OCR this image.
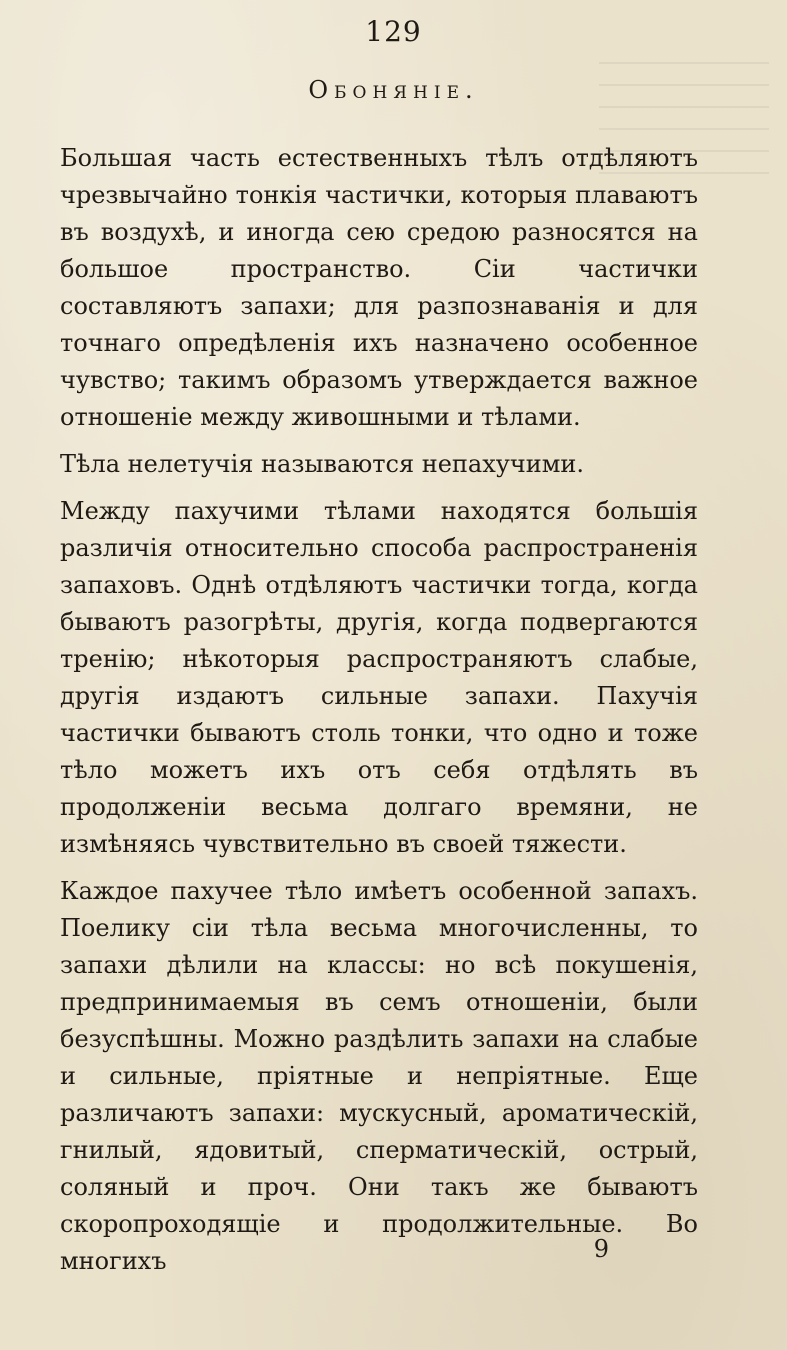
129
Обоняніе.

Большая часть естественныхъ тѣлъ отдѣляютъ чрезвычайно тонкія частички, которыя плаваютъ въ воздухѣ, и иногда сею средою разносятся на большое пространство. Сіи частички составляютъ запахи; для разпознаванія и для точнаго опредѣленія ихъ назначено особенное чувство; такимъ образомъ утверждается важное отношеніе между живошными и тѣлами.

Тѣла нелетучія называются непахучими.

Между пахучими тѣлами находятся большія различія относительно способа распространенія запаховъ. Однѣ отдѣляютъ частички тогда, когда бываютъ разогрѣты, другія, когда подвергаются тренію; нѣкоторыя распространяютъ слабые, другія издаютъ сильные запахи. Пахучія частички бываютъ столь тонки, что одно и тоже тѣло можетъ ихъ отъ себя отдѣлять въ продолженіи весьма долгаго времяни, не измѣняясь чувствительно въ своей тяжести.

Каждое пахучее тѣло имѣетъ особенной запахъ. Поелику сіи тѣла весьма многочисленны, то запахи дѣлили на классы: но всѣ покушенія, предпринимаемыя въ семъ отношеніи, были безуспѣшны. Можно раздѣлить запахи на слабые и сильные, пріятные и непріятные. Еще различаютъ запахи: мускусный, ароматическій, гнилый, ядовитый, сперматическій, острый, соляный и проч. Они такъ же бываютъ скоропроходящіе и продолжительные. Во многихъ	9
